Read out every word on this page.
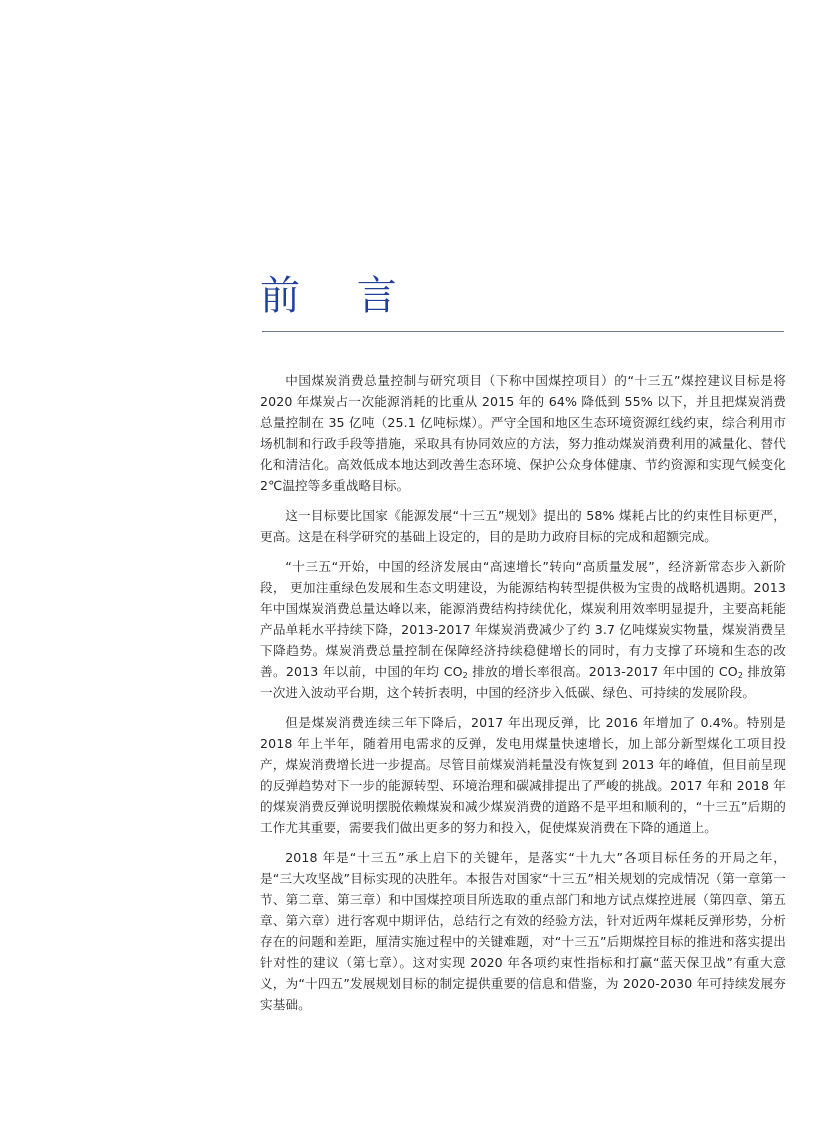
前 言

中国煤炭消费总量控制与研究项目（下称中国煤控项目）的“十三五”煤控建议目标是将 2020 年煤炭占一次能源消耗的比重从 2015 年的 64% 降低到 55% 以下，并且把煤炭消费总量控制在 35 亿吨（25.1 亿吨标煤）。严守全国和地区生态环境资源红线约束，综合利用市场机制和行政手段等措施，采取具有协同效应的方法，努力推动煤炭消费利用的减量化、替代化和清洁化。高效低成本地达到改善生态环境、保护公众身体健康、节约资源和实现气候变化 2℃温控等多重战略目标。

这一目标要比国家《能源发展“十三五”规划》提出的 58% 煤耗占比的约束性目标更严，更高。这是在科学研究的基础上设定的，目的是助力政府目标的完成和超额完成。

“十三五“开始，中国的经济发展由“高速增长”转向“高质量发展”，经济新常态步入新阶段， 更加注重绿色发展和生态文明建设，为能源结构转型提供极为宝贵的战略机遇期。2013 年中国煤炭消费总量达峰以来，能源消费结构持续优化，煤炭利用效率明显提升，主要高耗能产品单耗水平持续下降，2013-2017 年煤炭消费减少了约 3.7 亿吨煤炭实物量，煤炭消费呈下降趋势。煤炭消费总量控制在保障经济持续稳健增长的同时，有力支撑了环境和生态的改善。2013 年以前，中国的年均 $CO_2$ 排放的增长率很高。2013-2017 年中国的 $CO_2$ 排放第一次进入波动平台期，这个转折表明，中国的经济步入低碳、绿色、可持续的发展阶段。

但是煤炭消费连续三年下降后，2017 年出现反弹，比 2016 年增加了 0.4%。特别是 2018 年上半年，随着用电需求的反弹，发电用煤量快速增长，加上部分新型煤化工项目投产，煤炭消费增长进一步提高。尽管目前煤炭消耗量没有恢复到 2013 年的峰值，但目前呈现的反弹趋势对下一步的能源转型、环境治理和碳减排提出了严峻的挑战。2017 年和 2018 年的煤炭消费反弹说明摆脱依赖煤炭和减少煤炭消费的道路不是平坦和顺利的，“十三五”后期的工作尤其重要，需要我们做出更多的努力和投入，促使煤炭消费在下降的通道上。

2018 年是“十三五”承上启下的关键年，是落实“十九大”各项目标任务的开局之年，是“三大攻坚战”目标实现的决胜年。本报告对国家“十三五”相关规划的完成情况（第一章第一节、第二章、第三章）和中国煤控项目所选取的重点部门和地方试点煤控进展（第四章、第五章、第六章）进行客观中期评估，总结行之有效的经验方法，针对近两年煤耗反弹形势，分析存在的问题和差距，厘清实施过程中的关键难题，对“十三五”后期煤控目标的推进和落实提出针对性的建议（第七章）。这对实现 2020 年各项约束性指标和打赢“蓝天保卫战”有重大意义，为“十四五”发展规划目标的制定提供重要的信息和借鉴，为 2020-2030 年可持续发展夯实基础。
